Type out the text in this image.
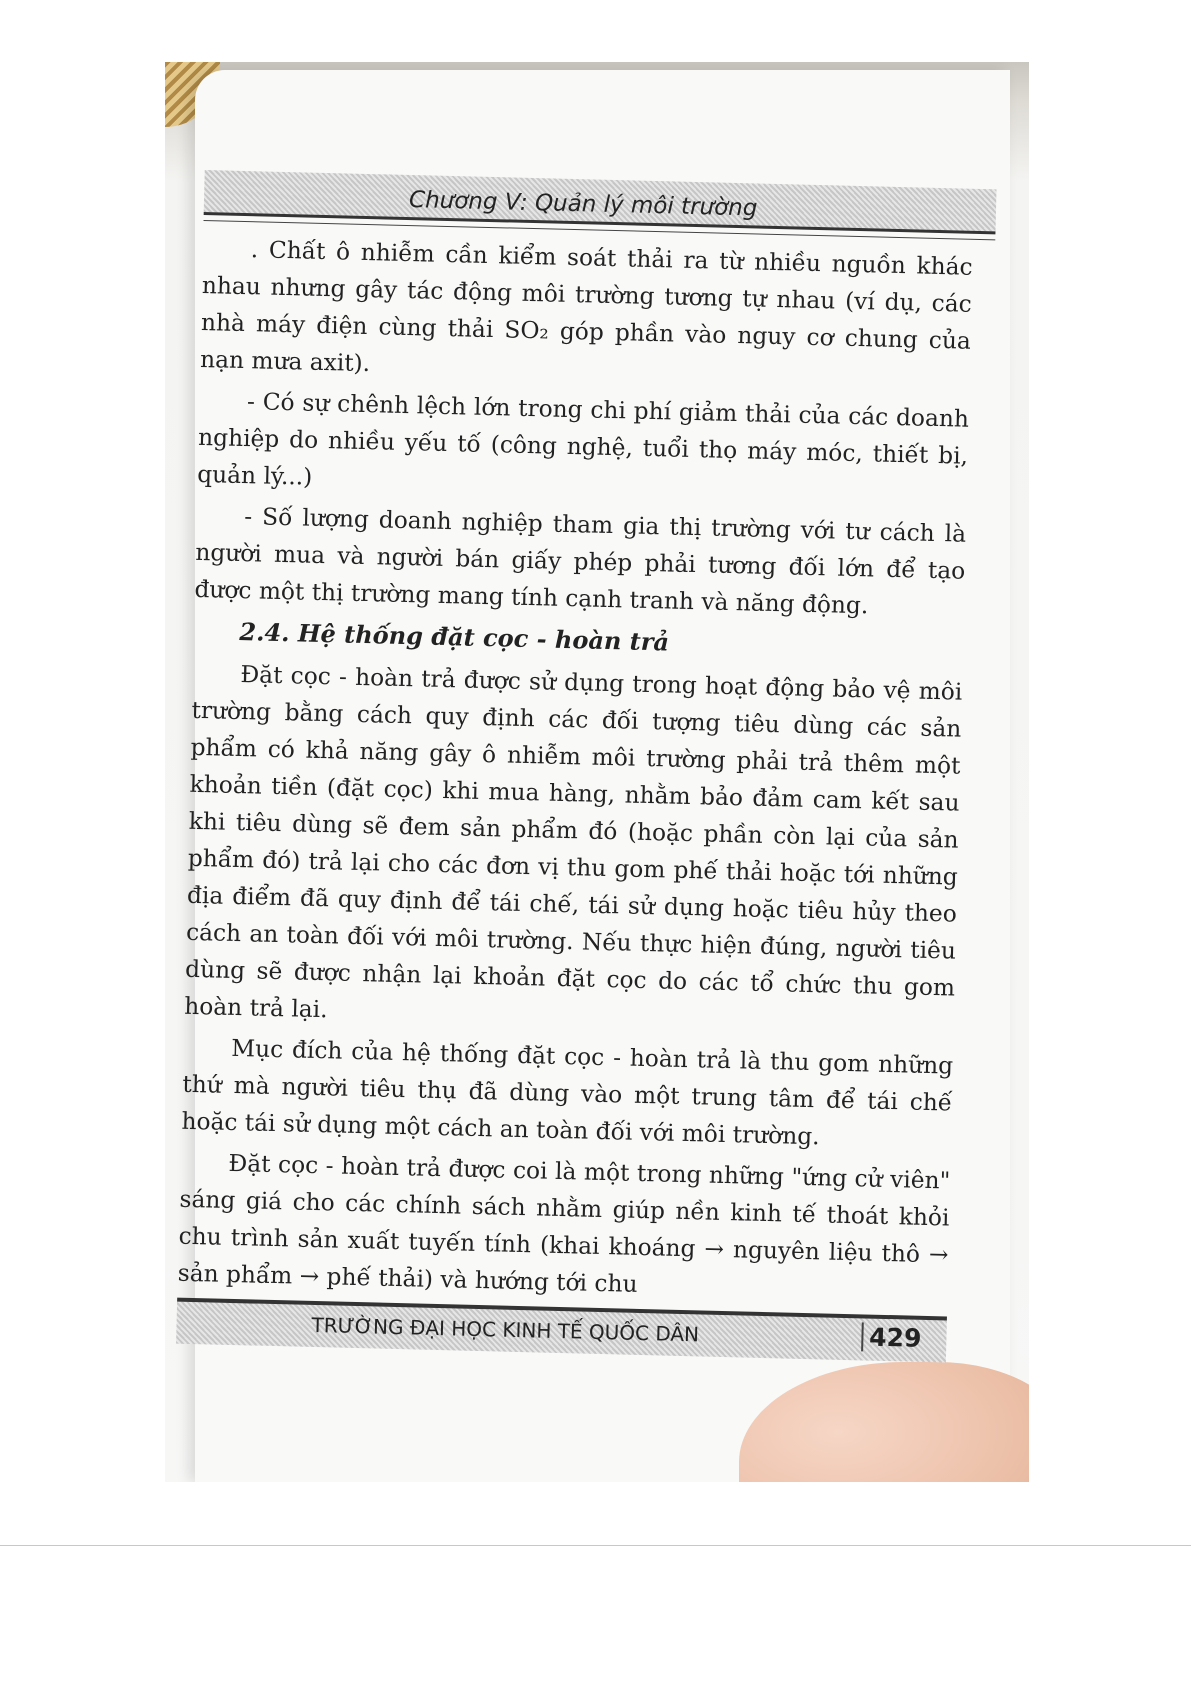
Chương V: Quản lý môi trường

. Chất ô nhiễm cần kiểm soát thải ra từ nhiều nguồn khác nhau nhưng gây tác động môi trường tương tự nhau (ví dụ, các nhà máy điện cùng thải SO₂ góp phần vào nguy cơ chung của nạn mưa axit).

- Có sự chênh lệch lớn trong chi phí giảm thải của các doanh nghiệp do nhiều yếu tố (công nghệ, tuổi thọ máy móc, thiết bị, quản lý...)

- Số lượng doanh nghiệp tham gia thị trường với tư cách là người mua và người bán giấy phép phải tương đối lớn để tạo được một thị trường mang tính cạnh tranh và năng động.

2.4. Hệ thống đặt cọc - hoàn trả

Đặt cọc - hoàn trả được sử dụng trong hoạt động bảo vệ môi trường bằng cách quy định các đối tượng tiêu dùng các sản phẩm có khả năng gây ô nhiễm môi trường phải trả thêm một khoản tiền (đặt cọc) khi mua hàng, nhằm bảo đảm cam kết sau khi tiêu dùng sẽ đem sản phẩm đó (hoặc phần còn lại của sản phẩm đó) trả lại cho các đơn vị thu gom phế thải hoặc tới những địa điểm đã quy định để tái chế, tái sử dụng hoặc tiêu hủy theo cách an toàn đối với môi trường. Nếu thực hiện đúng, người tiêu dùng sẽ được nhận lại khoản đặt cọc do các tổ chức thu gom hoàn trả lại.

Mục đích của hệ thống đặt cọc - hoàn trả là thu gom những thứ mà người tiêu thụ đã dùng vào một trung tâm để tái chế hoặc tái sử dụng một cách an toàn đối với môi trường.

Đặt cọc - hoàn trả được coi là một trong những "ứng cử viên" sáng giá cho các chính sách nhằm giúp nền kinh tế thoát khỏi chu trình sản xuất tuyến tính (khai khoáng → nguyên liệu thô → sản phẩm → phế thải) và hướng tới chu

TRƯỜNG ĐẠI HỌC KINH TẾ QUỐC DÂN	429
